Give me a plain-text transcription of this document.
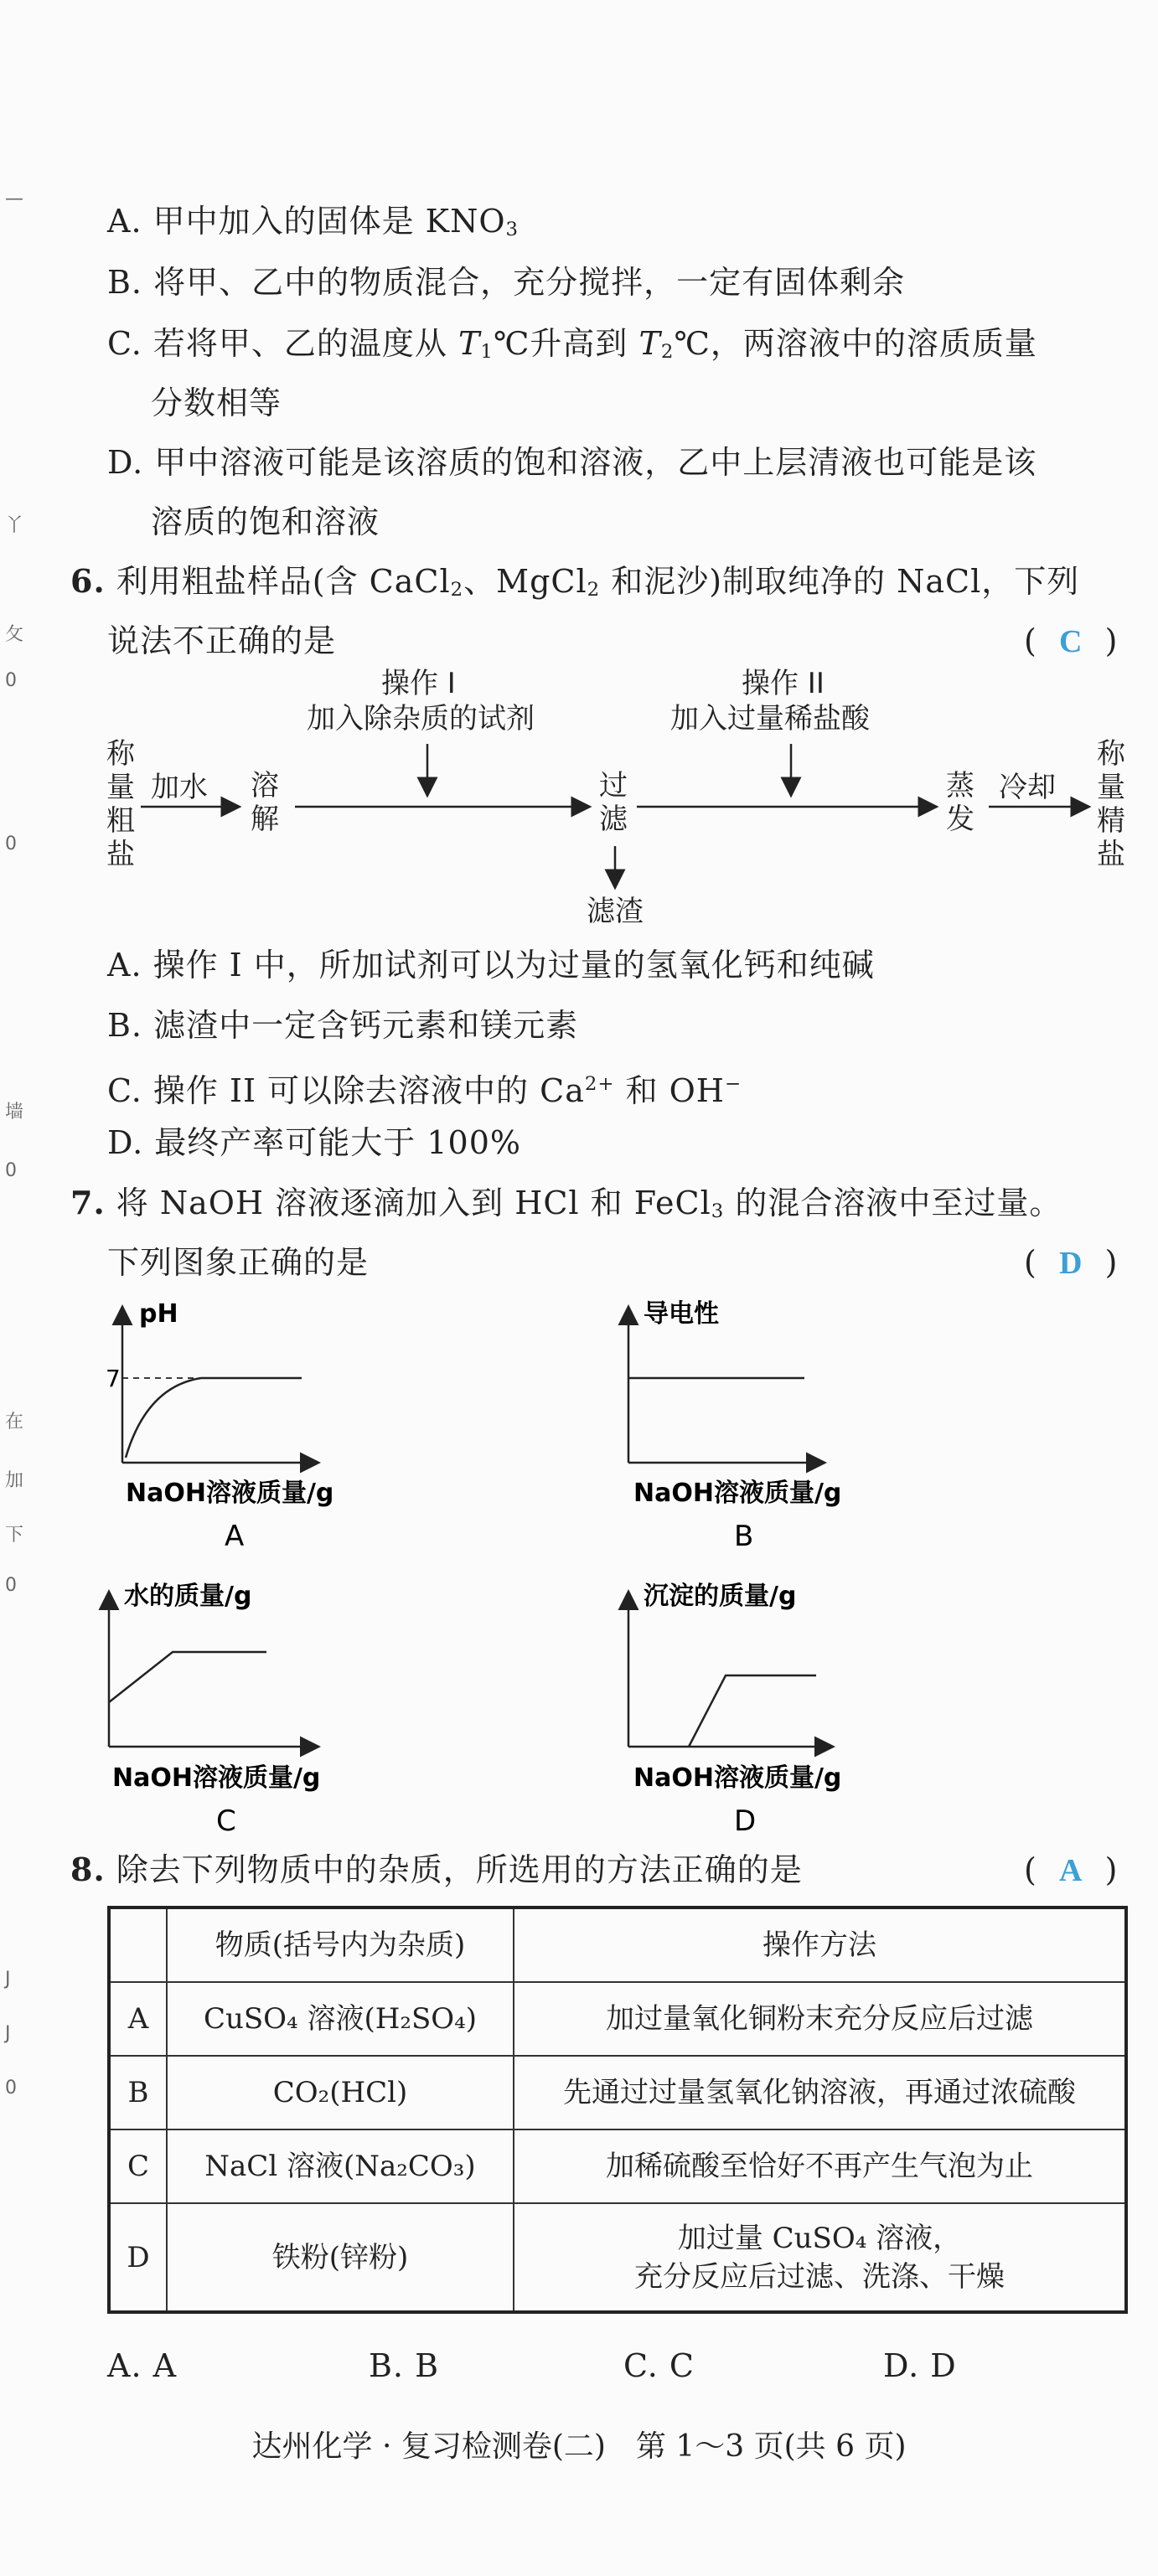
—
丫
攵
0
0
墙
0
在
加
下
0
J
J
0
A. 甲中加入的固体是 $KNO_3$
B. 将甲、乙中的物质混合，充分搅拌，一定有固体剩余
C. 若将甲、乙的温度从 $T_1℃$升高到 $T_2℃$，两溶液中的溶质质量
分数相等
D. 甲中溶液可能是该溶质的饱和溶液，乙中上层清液也可能是该
溶质的饱和溶液
6. 利用粗盐样品(含 CaCl$_2$、MgCl$_2$ 和泥沙)制取纯净的 NaCl，下列
说法不正确的是	( C )
称量粗盐
加水 溶解
操作 I
加入除杂质的试剂
过滤
滤渣
操作 II
加入过量稀盐酸
蒸发
冷却
称量精盐
A. 操作 I 中，所加试剂可以为过量的氢氧化钙和纯碱
B. 滤渣中一定含钙元素和镁元素
C. 操作 II 可以除去溶液中的 $Ca^{2+}$ 和 OH−
D. 最终产率可能大于 100%
7. 将 NaOH 溶液逐滴加入到 HCl 和 FeCl$_3$ 的混合溶液中至过量。
下列图象正确的是	( D )
pH
7
NaOH溶液质量/g
A
导电性
NaOH溶液质量/g
B
水的质量/g
NaOH溶液质量/g
C
沉淀的质量/g
NaOH溶液质量/g
D
8. 除去下列物质中的杂质，所选用的方法正确的是	( A )
	物质(括号内为杂质)	操作方法
A	CuSO₄ 溶液(H₂SO₄)	加过量氧化铜粉末充分反应后过滤
B	CO₂(HCl)	先通过过量氢氧化钠溶液，再通过浓硫酸
C	NaCl 溶液(Na₂CO₃)	加稀硫酸至恰好不再产生气泡为止
D	铁粉(锌粉)	加过量 CuSO₄ 溶液，
充分反应后过滤、洗涤、干燥
A. A	B. B	C. C	D. D
达州化学 · 复习检测卷(二)　第 1～3 页(共 6 页)
